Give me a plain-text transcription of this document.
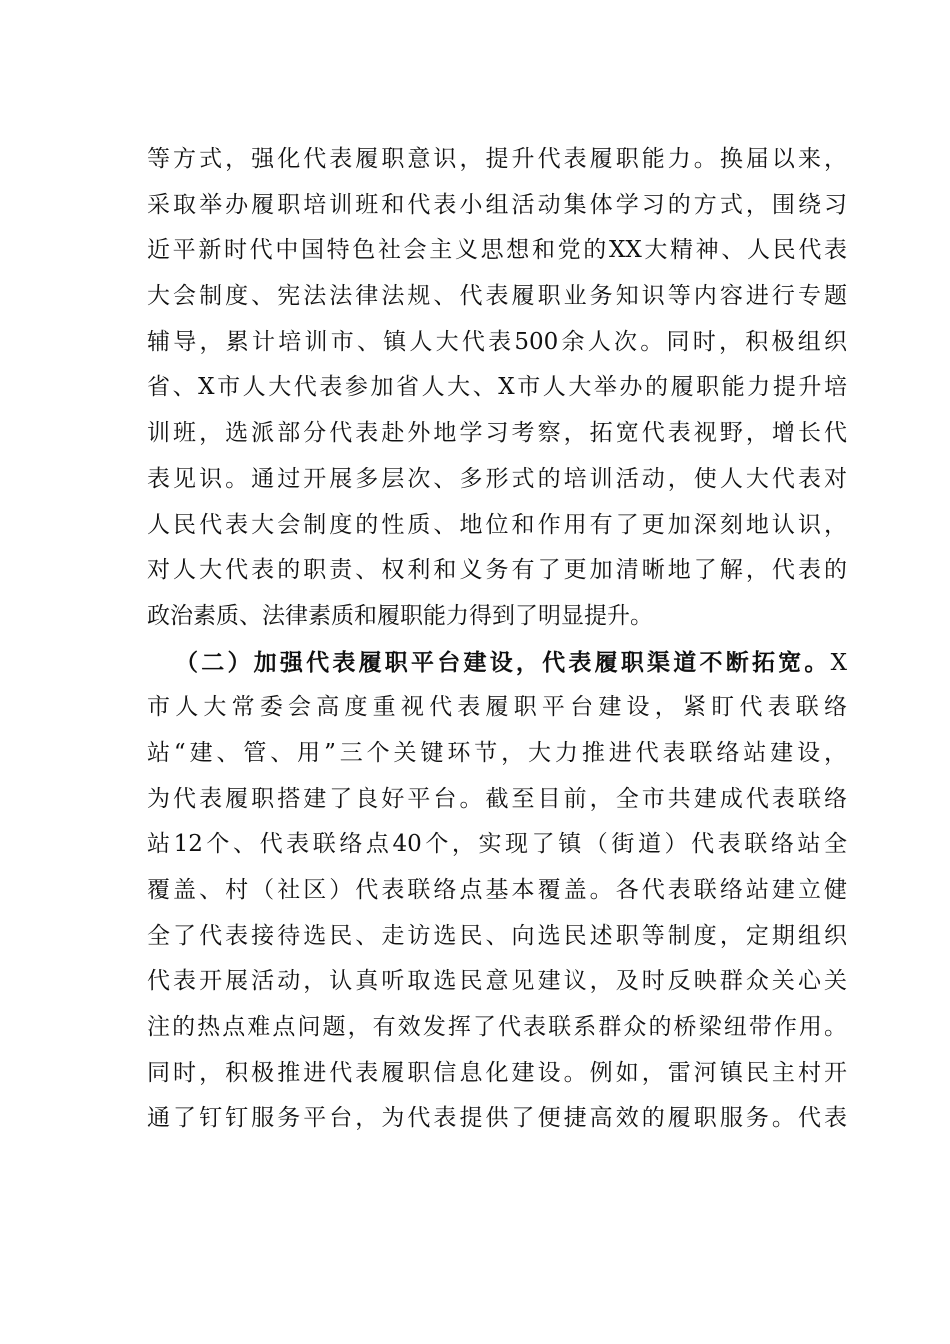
等方式，强化代表履职意识，提升代表履职能力。换届以来，
采取举办履职培训班和代表小组活动集体学习的方式，围绕习
近平新时代中国特色社会主义思想和党的XX大精神、人民代表
大会制度、宪法法律法规、代表履职业务知识等内容进行专题
辅导，累计培训市、镇人大代表500余人次。同时，积极组织
省、X市人大代表参加省人大、X市人大举办的履职能力提升培
训班，选派部分代表赴外地学习考察，拓宽代表视野，增长代
表见识。通过开展多层次、多形式的培训活动，使人大代表对
人民代表大会制度的性质、地位和作用有了更加深刻地认识，
对人大代表的职责、权利和义务有了更加清晰地了解，代表的
政治素质、法律素质和履职能力得到了明显提升。
（二）加强代表履职平台建设，代表履职渠道不断拓宽。X
市人大常委会高度重视代表履职平台建设，紧盯代表联络
站“建、管、用”三个关键环节，大力推进代表联络站建设，
为代表履职搭建了良好平台。截至目前，全市共建成代表联络
站12个、代表联络点40个，实现了镇（街道）代表联络站全
覆盖、村（社区）代表联络点基本覆盖。各代表联络站建立健
全了代表接待选民、走访选民、向选民述职等制度，定期组织
代表开展活动，认真听取选民意见建议，及时反映群众关心关
注的热点难点问题，有效发挥了代表联系群众的桥梁纽带作用。
同时，积极推进代表履职信息化建设。例如，雷河镇民主村开
通了钉钉服务平台，为代表提供了便捷高效的履职服务。代表
